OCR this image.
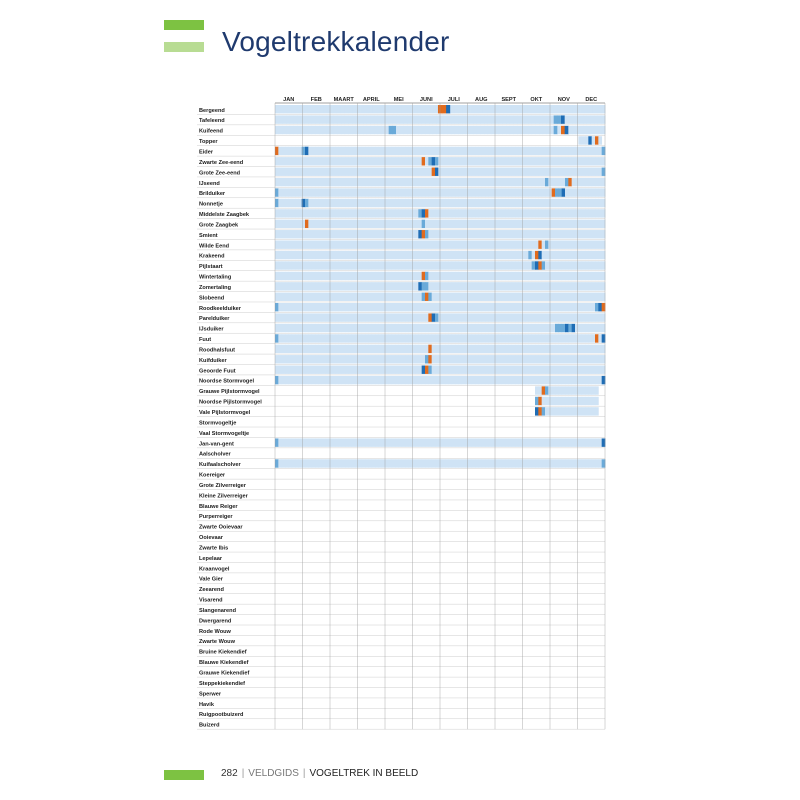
Vogeltrekkalender
JAN	FEB MAART APRIL	MEI	JUNI	JULI	AUG SEPT	OKT	NOV	DEC
Bergeend
Tafeleend
Kuifeend
Topper
Eider
Zwarte Zee-eend
Grote Zee-eend
IJseend
Brilduiker
Nonnetje
Middelste Zaagbek
Grote Zaagbek
Smient
Wilde Eend
Krakeend
Pijlstaart
Wintertaling
Zomertaling
Slobeend
Roodkeelduiker
Parelduiker
IJsduiker
Fuut
Roodhalsfuut
Kuifduiker
Geoorde Fuut
Noordse Stormvogel
Grauwe Pijlstormvogel
Noordse Pijlstormvogel
Vale Pijlstormvogel
Stormvogeltje
Vaal Stormvogeltje
Jan-van-gent
Aalscholver
Kuifaalscholver
Koereiger
Grote Zilverreiger
Kleine Zilverreiger
Blauwe Reiger
Purperreiger
Zwarte Ooievaar
Ooievaar
Zwarte Ibis
Lepelaar
Kraanvogel
Vale Gier
Zeearend
Visarend
Slangenarend
Dwergarend
Rode Wouw
Zwarte Wouw
Bruine Kiekendief
Blauwe Kiekendief
Grauwe Kiekendief
Steppekiekendief
Sperwer
Havik
Ruigpootbuizerd
Buizerd
282 | VELDGIDS | VOGELTREK IN BEELD
